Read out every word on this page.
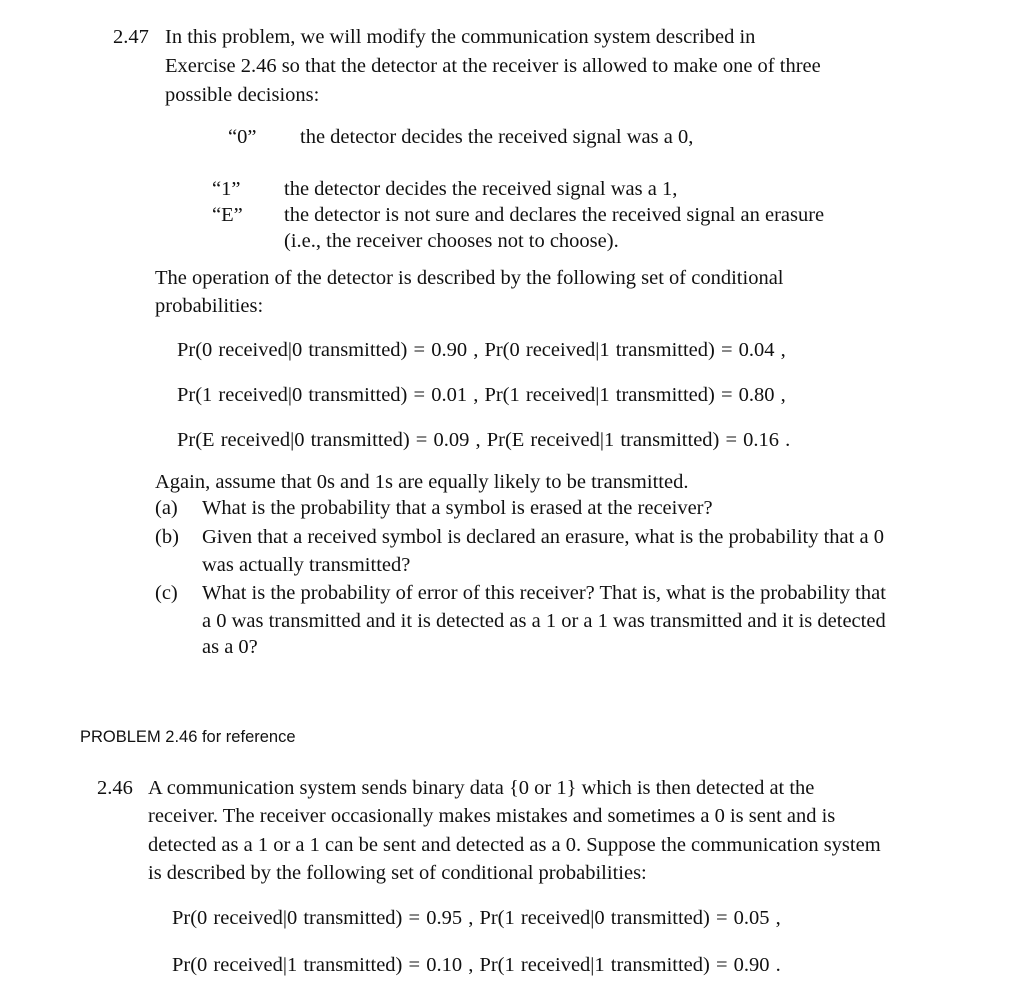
2.47 In this problem, we will modify the communication system described in
Exercise 2.46 so that the detector at the receiver is allowed to make one of three
possible decisions:
“0” the detector decides the received signal was a 0,
“1” the detector decides the received signal was a 1,
“E” the detector is not sure and declares the received signal an erasure
(i.e., the receiver chooses not to choose).
The operation of the detector is described by the following set of conditional
probabilities:
Pr(0 received|0 transmitted) = 0.90 , Pr(0 received|1 transmitted) = 0.04 ,
Pr(1 received|0 transmitted) = 0.01 , Pr(1 received|1 transmitted) = 0.80 ,
Pr(E received|0 transmitted) = 0.09 , Pr(E received|1 transmitted) = 0.16 .
Again, assume that 0s and 1s are equally likely to be transmitted.
(a) What is the probability that a symbol is erased at the receiver?
(b) Given that a received symbol is declared an erasure, what is the probability that a 0
was actually transmitted?
(c) What is the probability of error of this receiver? That is, what is the probability that
a 0 was transmitted and it is detected as a 1 or a 1 was transmitted and it is detected
as a 0?
PROBLEM 2.46 for reference
2.46 A communication system sends binary data {0 or 1} which is then detected at the
receiver. The receiver occasionally makes mistakes and sometimes a 0 is sent and is
detected as a 1 or a 1 can be sent and detected as a 0. Suppose the communication system
is described by the following set of conditional probabilities:
Pr(0 received|0 transmitted) = 0.95 , Pr(1 received|0 transmitted) = 0.05 ,
Pr(0 received|1 transmitted) = 0.10 , Pr(1 received|1 transmitted) = 0.90 .
